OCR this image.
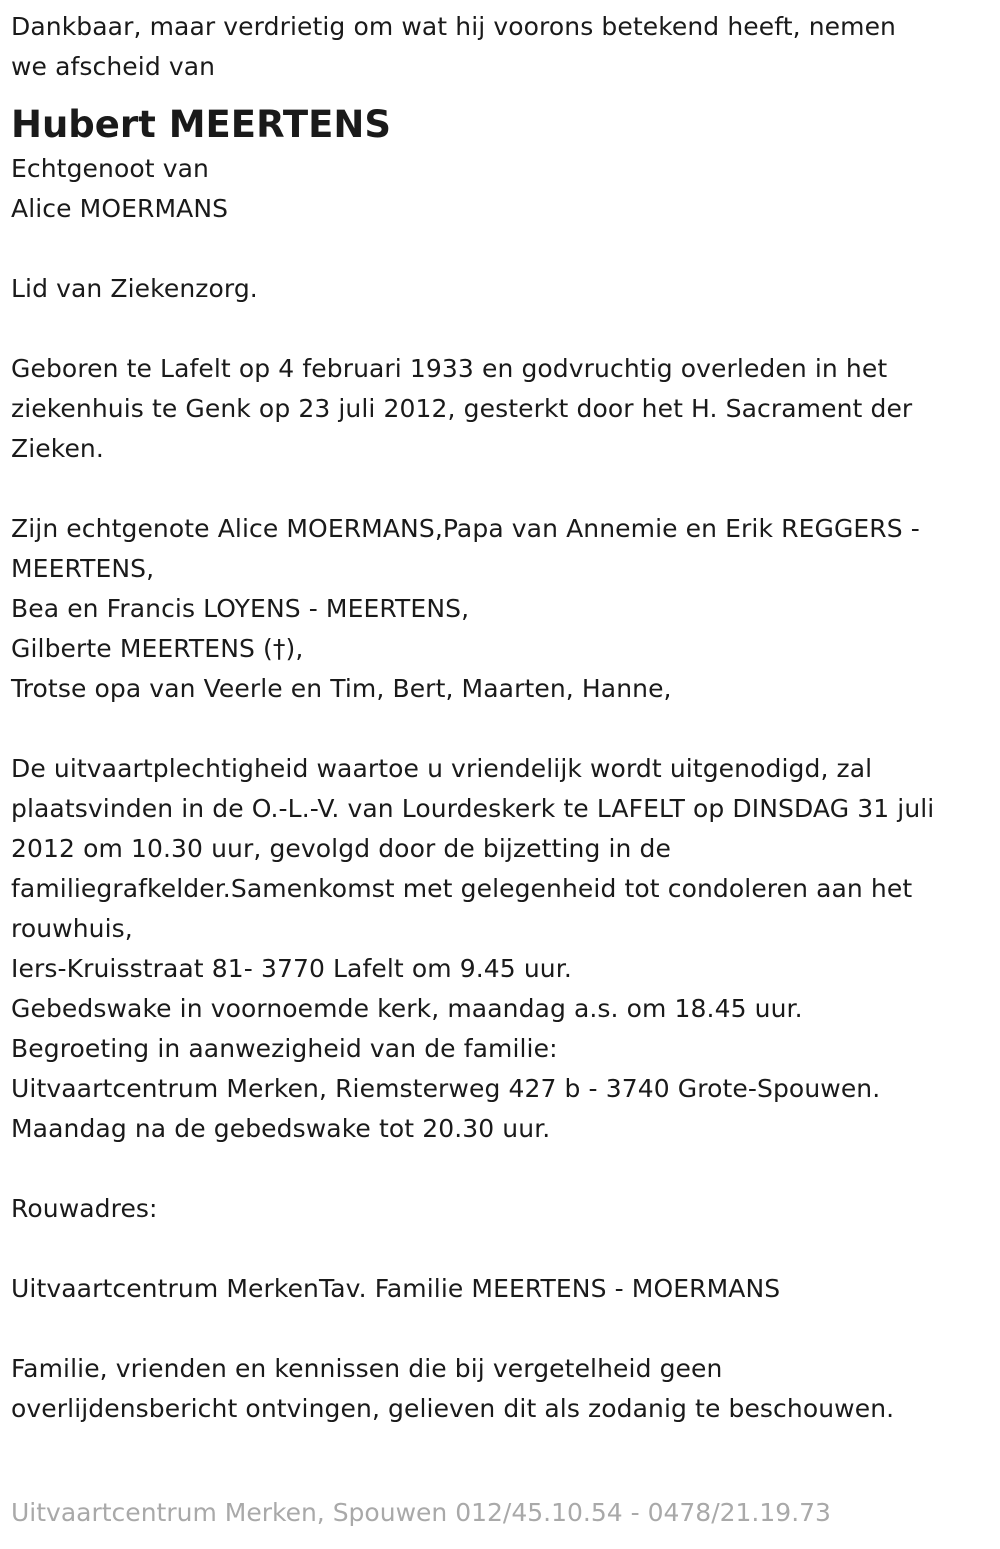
Dankbaar, maar verdrietig om wat hij voorons betekend heeft, nemen
we afscheid van
Hubert MEERTENS
Echtgenoot van
Alice MOERMANS
Lid van Ziekenzorg.
Geboren te Lafelt op 4 februari 1933 en godvruchtig overleden in het
ziekenhuis te Genk op 23 juli 2012, gesterkt door het H. Sacrament der
Zieken.
Zijn echtgenote Alice MOERMANS,Papa van Annemie en Erik REGGERS -
MEERTENS,
Bea en Francis LOYENS - MEERTENS,
Gilberte MEERTENS (†),
Trotse opa van Veerle en Tim, Bert, Maarten, Hanne,
De uitvaartplechtigheid waartoe u vriendelijk wordt uitgenodigd, zal
plaatsvinden in de O.-L.-V. van Lourdeskerk te LAFELT op DINSDAG 31 juli
2012 om 10.30 uur, gevolgd door de bijzetting in de
familiegrafkelder.Samenkomst met gelegenheid tot condoleren aan het
rouwhuis,
Iers-Kruisstraat 81- 3770 Lafelt om 9.45 uur.
Gebedswake in voornoemde kerk, maandag a.s. om 18.45 uur.
Begroeting in aanwezigheid van de familie:
Uitvaartcentrum Merken, Riemsterweg 427 b - 3740 Grote-Spouwen.
Maandag na de gebedswake tot 20.30 uur.
Rouwadres:
Uitvaartcentrum MerkenTav. Familie MEERTENS - MOERMANS
Familie, vrienden en kennissen die bij vergetelheid geen
overlijdensbericht ontvingen, gelieven dit als zodanig te beschouwen.
Uitvaartcentrum Merken, Spouwen 012/45.10.54 - 0478/21.19.73
